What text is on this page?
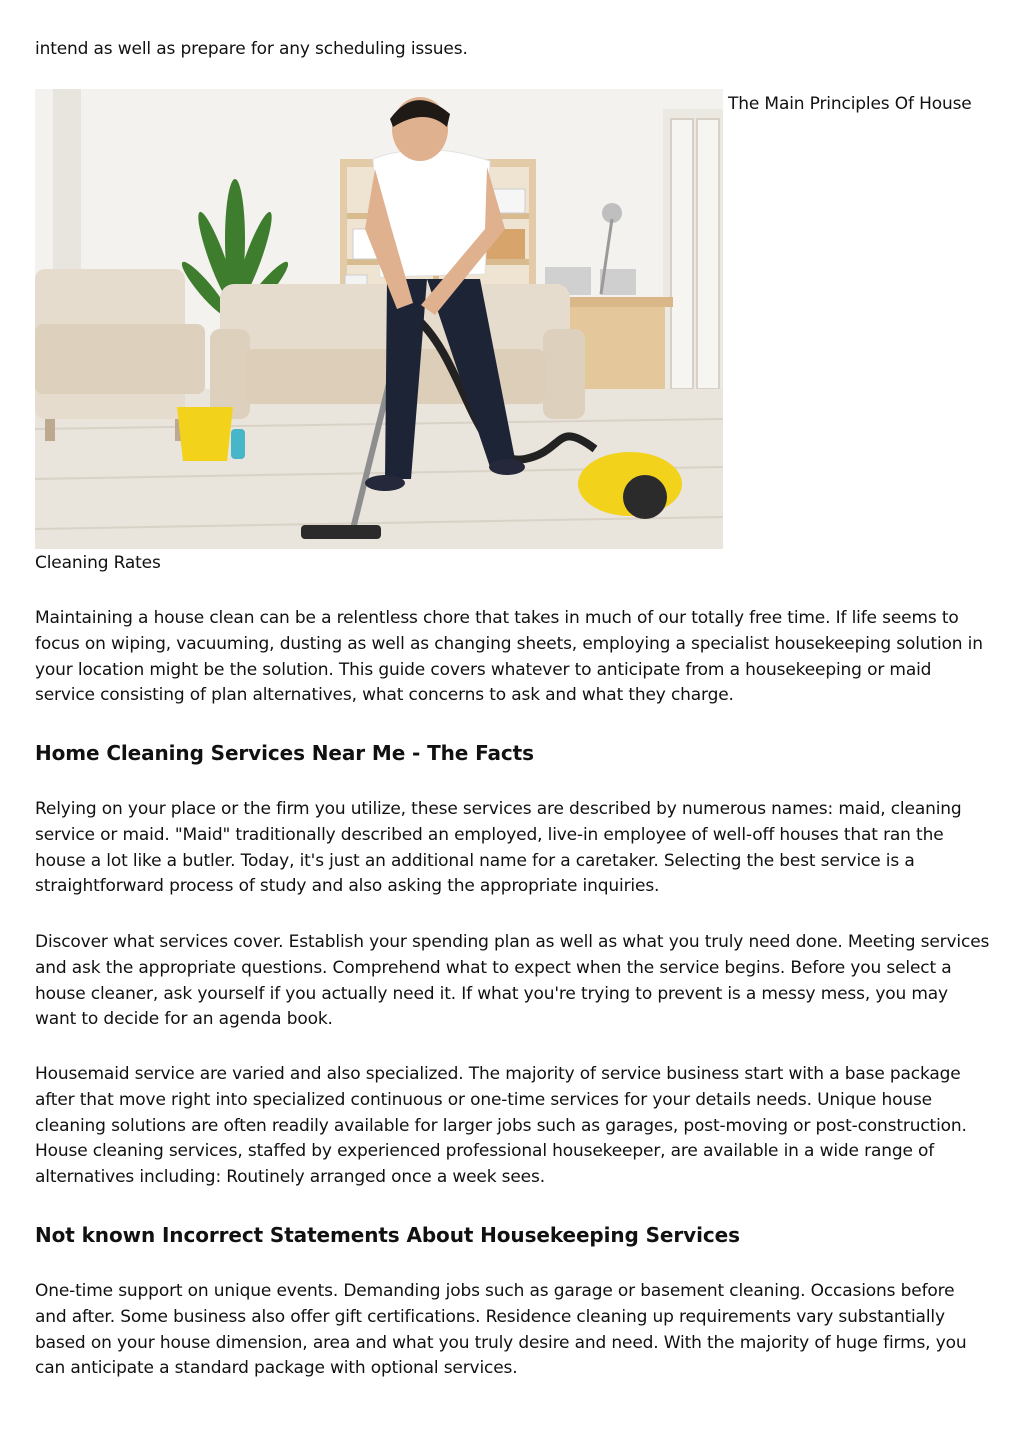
intend as well as prepare for any scheduling issues.

The Main Principles Of House

Cleaning Rates

Maintaining a house clean can be a relentless chore that takes in much of our totally free time. If life seems to focus on wiping, vacuuming, dusting as well as changing sheets, employing a specialist housekeeping solution in your location might be the solution. This guide covers whatever to anticipate from a housekeeping or maid service consisting of plan alternatives, what concerns to ask and what they charge.

Home Cleaning Services Near Me - The Facts

Relying on your place or the firm you utilize, these services are described by numerous names: maid, cleaning service or maid. "Maid" traditionally described an employed, live-in employee of well-off houses that ran the house a lot like a butler. Today, it's just an additional name for a caretaker. Selecting the best service is a straightforward process of study and also asking the appropriate inquiries.

Discover what services cover. Establish your spending plan as well as what you truly need done. Meeting services and ask the appropriate questions. Comprehend what to expect when the service begins. Before you select a house cleaner, ask yourself if you actually need it. If what you're trying to prevent is a messy mess, you may want to decide for an agenda book.

Housemaid service are varied and also specialized. The majority of service business start with a base package after that move right into specialized continuous or one-time services for your details needs. Unique house cleaning solutions are often readily available for larger jobs such as garages, post-moving or post-construction. House cleaning services, staffed by experienced professional housekeeper, are available in a wide range of alternatives including: Routinely arranged once a week sees.

Not known Incorrect Statements About Housekeeping Services

One-time support on unique events. Demanding jobs such as garage or basement cleaning. Occasions before and after. Some business also offer gift certifications. Residence cleaning up requirements vary substantially based on your house dimension, area and what you truly desire and need. With the majority of huge firms, you can anticipate a standard package with optional services.
